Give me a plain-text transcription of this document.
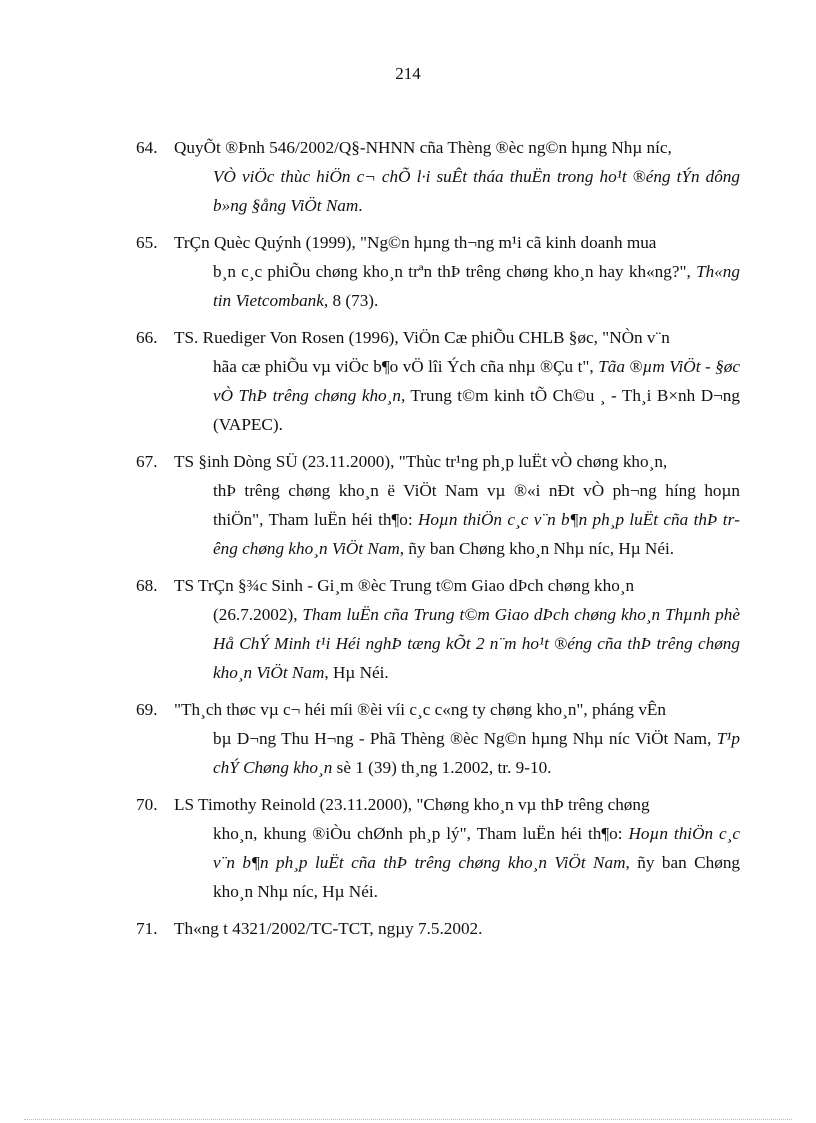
214
64. QuyÕt ®Þnh 546/2002/Q§-NHNN cña Thèng ®èc ng©n hµng Nhµ níc,
VÒ viÖc thùc hiÖn c¬ chÕ l·i suÊt tháa thuËn trong ho¹t ®éng tÝn dông b»ng §ång ViÖt Nam.
65. TrÇn Quèc Quýnh (1999), "Ng©n hµng th¬ng m¹i cã kinh doanh mua
b¸n c¸c phiÕu chøng kho¸n trªn thÞ trêng chøng kho¸n hay kh«ng?", Th«ng tin Vietcombank, 8 (73).
66. TS. Ruediger Von Rosen (1996), ViÖn Cæ phiÕu CHLB §øc, "NÒn v¨n
hãa cæ phiÕu vµ viÖc b¶o vÖ lîi Ých cña nhµ ®Çu t", Tãa ®µm ViÖt - §øc vÒ ThÞ trêng chøng kho¸n, Trung t©m kinh tÕ Ch©u ¸ - Th¸i B×nh D¬ng (VAPEC).
67. TS §inh Dòng SÜ (23.11.2000), "Thùc tr¹ng ph¸p luËt vÒ chøng kho¸n,
thÞ trêng chøng kho¸n ë ViÖt Nam vµ ®«i nÐt vÒ ph¬ng híng hoµn thiÖn", Tham luËn héi th¶o: Hoµn thiÖn c¸c v¨n b¶n ph¸p luËt cña thÞ trêng chøng kho¸n ViÖt Nam, ñy ban Chøng kho¸n Nhµ níc, Hµ Néi.
68. TS TrÇn §¾c Sinh - Gi¸m ®èc Trung t©m Giao dÞch chøng kho¸n
(26.7.2002), Tham luËn cña Trung t©m Giao dÞch chøng kho¸n Thµnh phè Hå ChÝ Minh t¹i Héi nghÞ tæng kÕt 2 n¨m ho¹t ®éng cña thÞ trêng chøng kho¸n ViÖt Nam, Hµ Néi.
69. "Th¸ch thøc vµ c¬ héi míi ®èi víi c¸c c«ng ty chøng kho¸n", pháng vÊn
bµ D¬ng Thu H¬ng - Phã Thèng ®èc Ng©n hµng Nhµ níc ViÖt Nam, T¹p chÝ Chøng kho¸n sè 1 (39) th¸ng 1.2002, tr. 9-10.
70. LS Timothy Reinold (23.11.2000), "Chøng kho¸n vµ thÞ trêng chøng
kho¸n, khung ®iÒu chØnh ph¸p lý", Tham luËn héi th¶o: Hoµn thiÖn c¸c v¨n b¶n ph¸p luËt cña thÞ trêng chøng kho¸n ViÖt Nam, ñy ban Chøng kho¸n Nhµ níc, Hµ Néi.
71. Th«ng t 4321/2002/TC-TCT, ngµy 7.5.2002.
